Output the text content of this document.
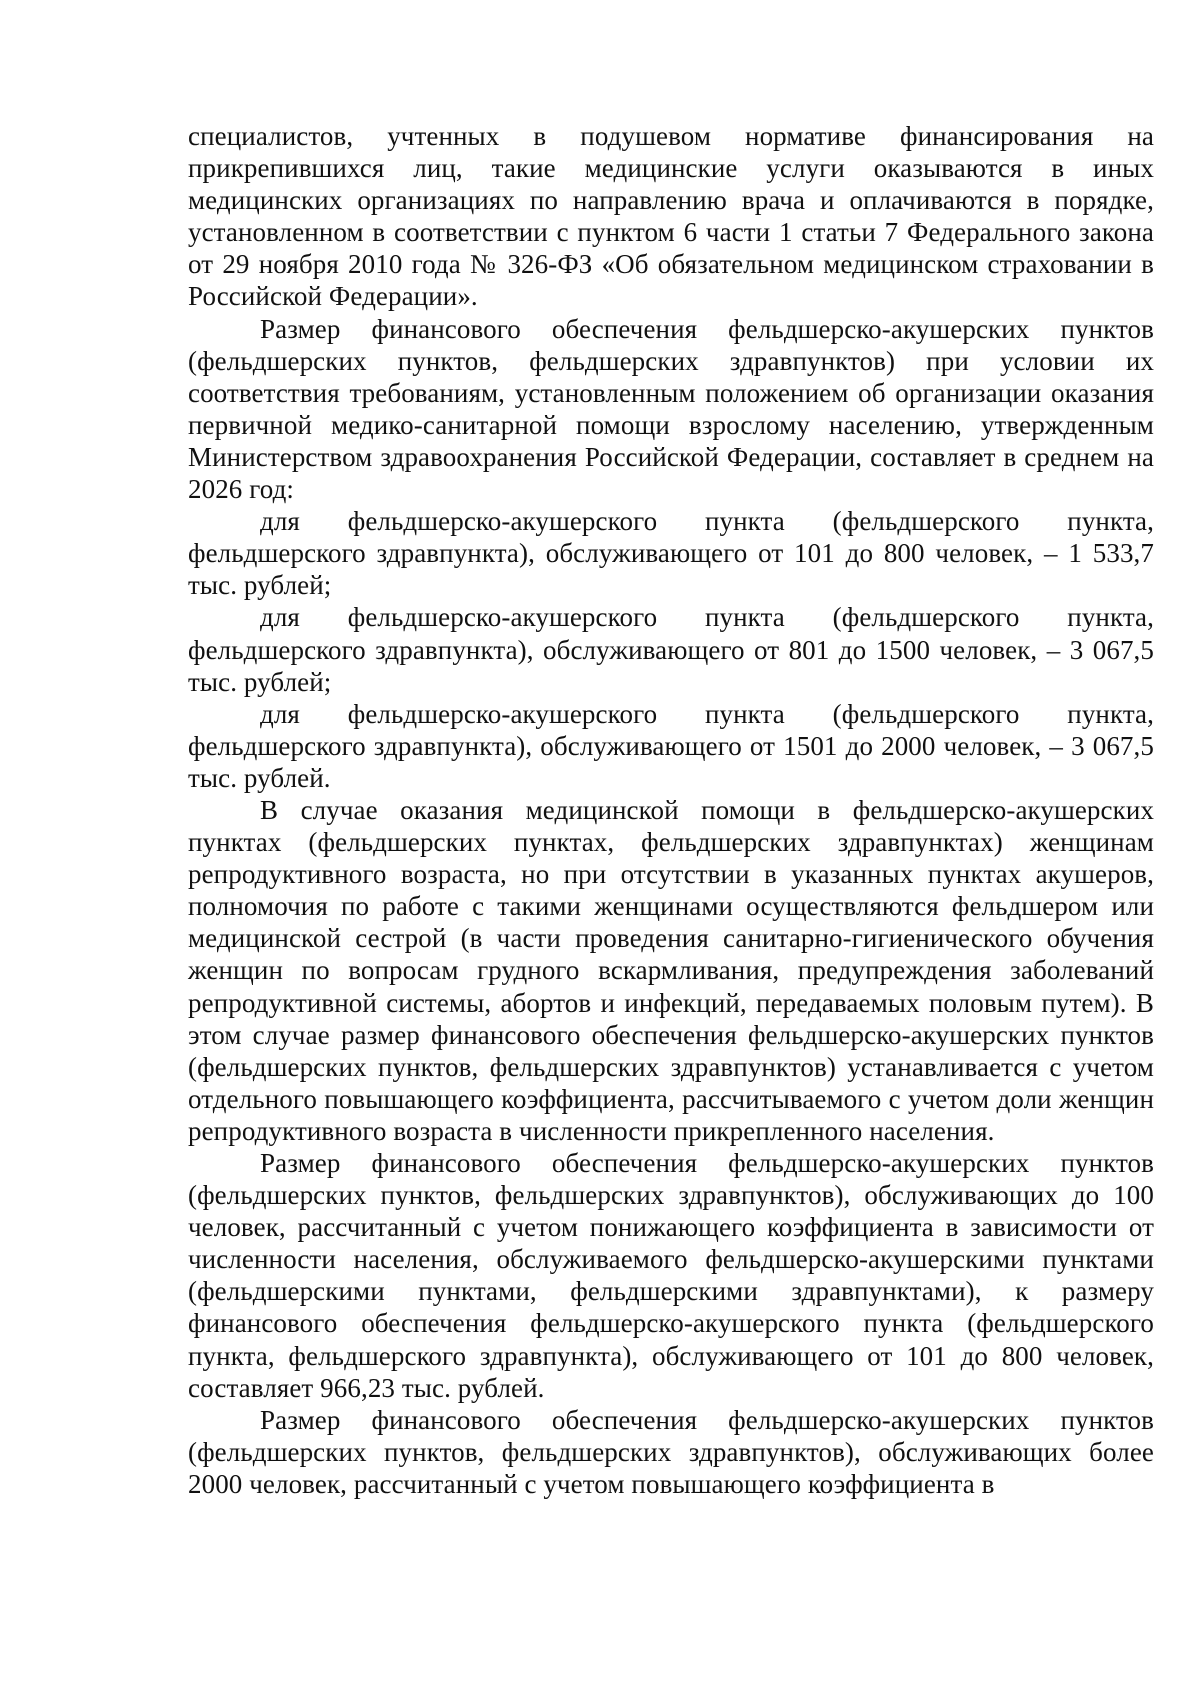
специалистов, учтенных в подушевом нормативе финансирования на прикрепившихся лиц, такие медицинские услуги оказываются в иных медицинских организациях по направлению врача и оплачиваются в порядке, установленном в соответствии с пунктом 6 части 1 статьи 7 Федерального закона от 29 ноября 2010 года № 326-ФЗ «Об обязательном медицинском страховании в Российской Федерации».

Размер финансового обеспечения фельдшерско-акушерских пунктов (фельдшерских пунктов, фельдшерских здравпунктов) при условии их соответствия требованиям, установленным положением об организации оказания первичной медико-санитарной помощи взрослому населению, утвержденным Министерством здравоохранения Российской Федерации, составляет в среднем на 2026 год:

для фельдшерско-акушерского пункта (фельдшерского пункта, фельдшерского здравпункта), обслуживающего от 101 до 800 человек, – 1 533,7 тыс. рублей;

для фельдшерско-акушерского пункта (фельдшерского пункта, фельдшерского здравпункта), обслуживающего от 801 до 1500 человек, – 3 067,5 тыс. рублей;

для фельдшерско-акушерского пункта (фельдшерского пункта, фельдшерского здравпункта), обслуживающего от 1501 до 2000 человек, – 3 067,5 тыс. рублей.

В случае оказания медицинской помощи в фельдшерско-акушерских пунктах (фельдшерских пунктах, фельдшерских здравпунктах) женщинам репродуктивного возраста, но при отсутствии в указанных пунктах акушеров, полномочия по работе с такими женщинами осуществляются фельдшером или медицинской сестрой (в части проведения санитарно-гигиенического обучения женщин по вопросам грудного вскармливания, предупреждения заболеваний репродуктивной системы, абортов и инфекций, передаваемых половым путем). В этом случае размер финансового обеспечения фельдшерско-акушерских пунктов (фельдшерских пунктов, фельдшерских здравпунктов) устанавливается с учетом отдельного повышающего коэффициента, рассчитываемого с учетом доли женщин репродуктивного возраста в численности прикрепленного населения.

Размер финансового обеспечения фельдшерско-акушерских пунктов (фельдшерских пунктов, фельдшерских здравпунктов), обслуживающих до 100 человек, рассчитанный с учетом понижающего коэффициента в зависимости от численности населения, обслуживаемого фельдшерско-акушерскими пунктами (фельдшерскими пунктами, фельдшерскими здравпунктами), к размеру финансового обеспечения фельдшерско-акушерского пункта (фельдшерского пункта, фельдшерского здравпункта), обслуживающего от 101 до 800 человек, составляет 966,23 тыс. рублей.

Размер финансового обеспечения фельдшерско-акушерских пунктов (фельдшерских пунктов, фельдшерских здравпунктов), обслуживающих более 2000 человек, рассчитанный с учетом повышающего коэффициента в
